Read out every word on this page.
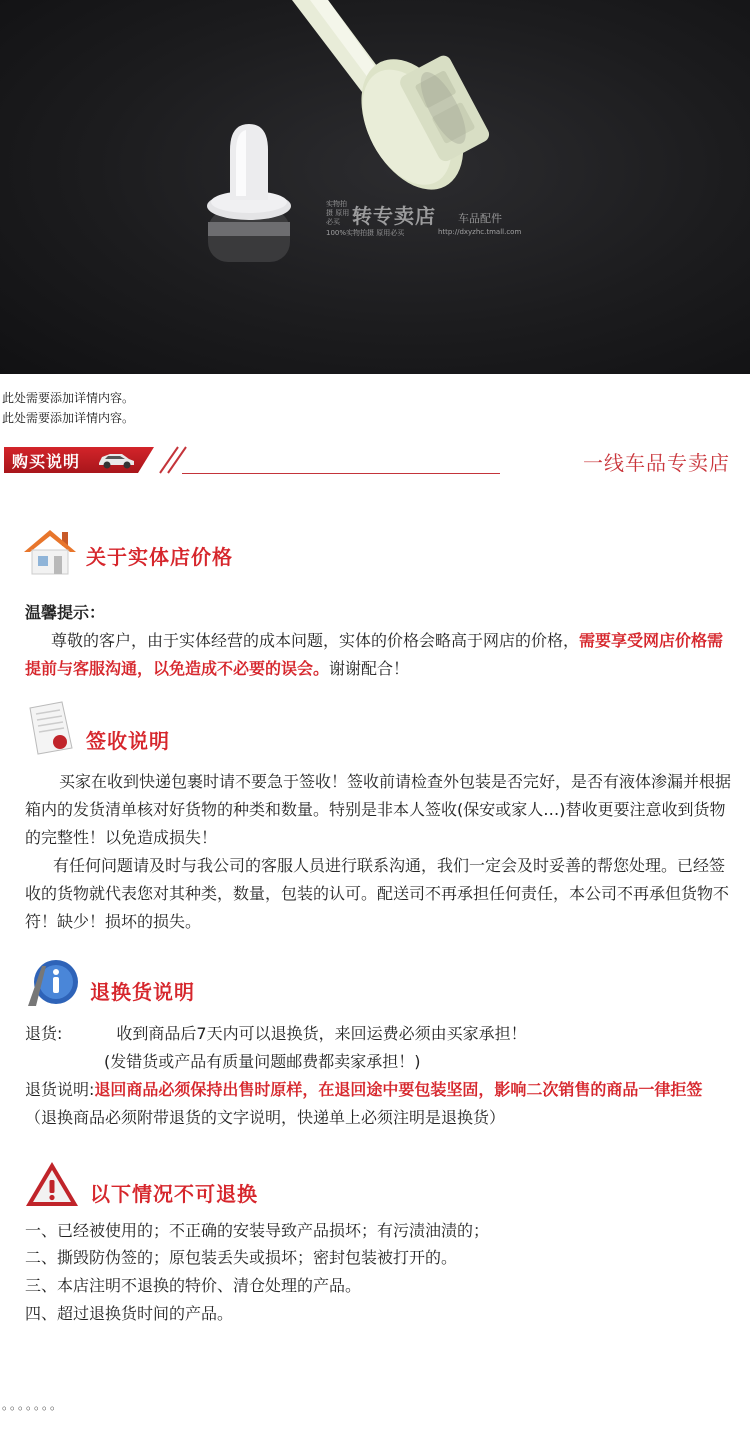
实物拍摄 原用必买 转专卖店 车品配件
100%实物拍摄 原用必买	http://dxyzhc.tmall.com
此处需要添加详情内容。
此处需要添加详情内容。
购买说明	一线车品专卖店
关于实体店价格
温馨提示：
尊敬的客户，由于实体经营的成本问题，实体的价格会略高于网店的价格，需要享受网店价格需提前与客服沟通，以免造成不必要的误会。谢谢配合！
签收说明
买家在收到快递包裹时请不要急于签收！签收前请检查外包装是否完好，是否有液体渗漏并根据箱内的发货清单核对好货物的种类和数量。特别是非本人签收(保安或家人…)替收更要注意收到货物的完整性！以免造成损失！
有任何问题请及时与我公司的客服人员进行联系沟通，我们一定会及时妥善的帮您处理。已经签收的货物就代表您对其种类，数量，包装的认可。配送司不再承担任何责任，本公司不再承但货物不符！缺少！损坏的损失。
退换货说明
退货:	收到商品后7天内可以退换货，来回运费必须由买家承担！
(发错货或产品有质量问题邮费都卖家承担！)
退货说明:退回商品必须保持出售时原样，在退回途中要包装坚固，影响二次销售的商品一律拒签（退换商品必须附带退货的文字说明，快递单上必须注明是退换货）
以下情况不可退换
一、已经被使用的；不正确的安装导致产品损坏；有污渍油渍的；
二、撕毁防伪签的；原包装丢失或损坏；密封包装被打开的。
三、本店注明不退换的特价、清仓处理的产品。
四、超过退换货时间的产品。
。。。。。。。
